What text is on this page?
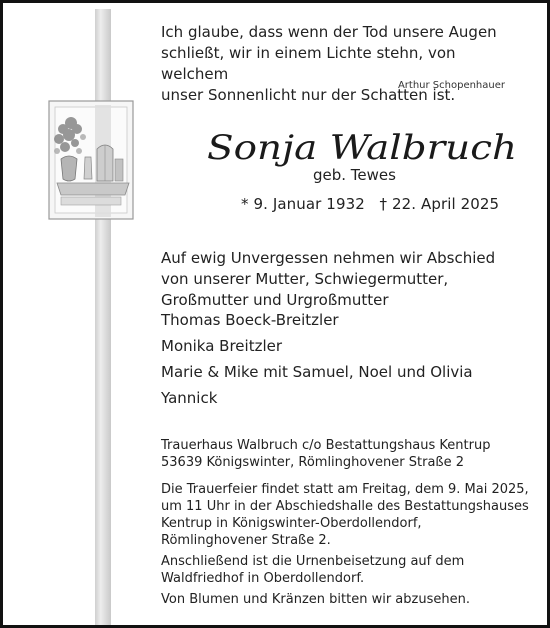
Ich glaube, dass wenn der Tod unsere Augen
schließt, wir in einem Lichte stehn, von welchem
unser Sonnenlicht nur der Schatten ist.
Arthur Schopenhauer
Sonja Walbruch
geb. Tewes
* 9. Januar 1932   † 22. April 2025
Auf ewig Unvergessen nehmen wir Abschied
von unserer Mutter, Schwiegermutter,
Großmutter und Urgroßmutter
Thomas Boeck-Breitzler
Monika Breitzler
Marie & Mike mit Samuel, Noel und Olivia
Yannick
Trauerhaus Walbruch c/o Bestattungshaus Kentrup
53639 Königswinter, Römlinghovener Straße 2
Die Trauerfeier findet statt am Freitag, dem 9. Mai 2025,
um 11 Uhr in der Abschiedshalle des Bestattungshauses
Kentrup in Königswinter-Oberdollendorf,
Römlinghovener Straße 2.
Anschließend ist die Urnenbeisetzung auf dem
Waldfriedhof in Oberdollendorf.
Von Blumen und Kränzen bitten wir abzusehen.
